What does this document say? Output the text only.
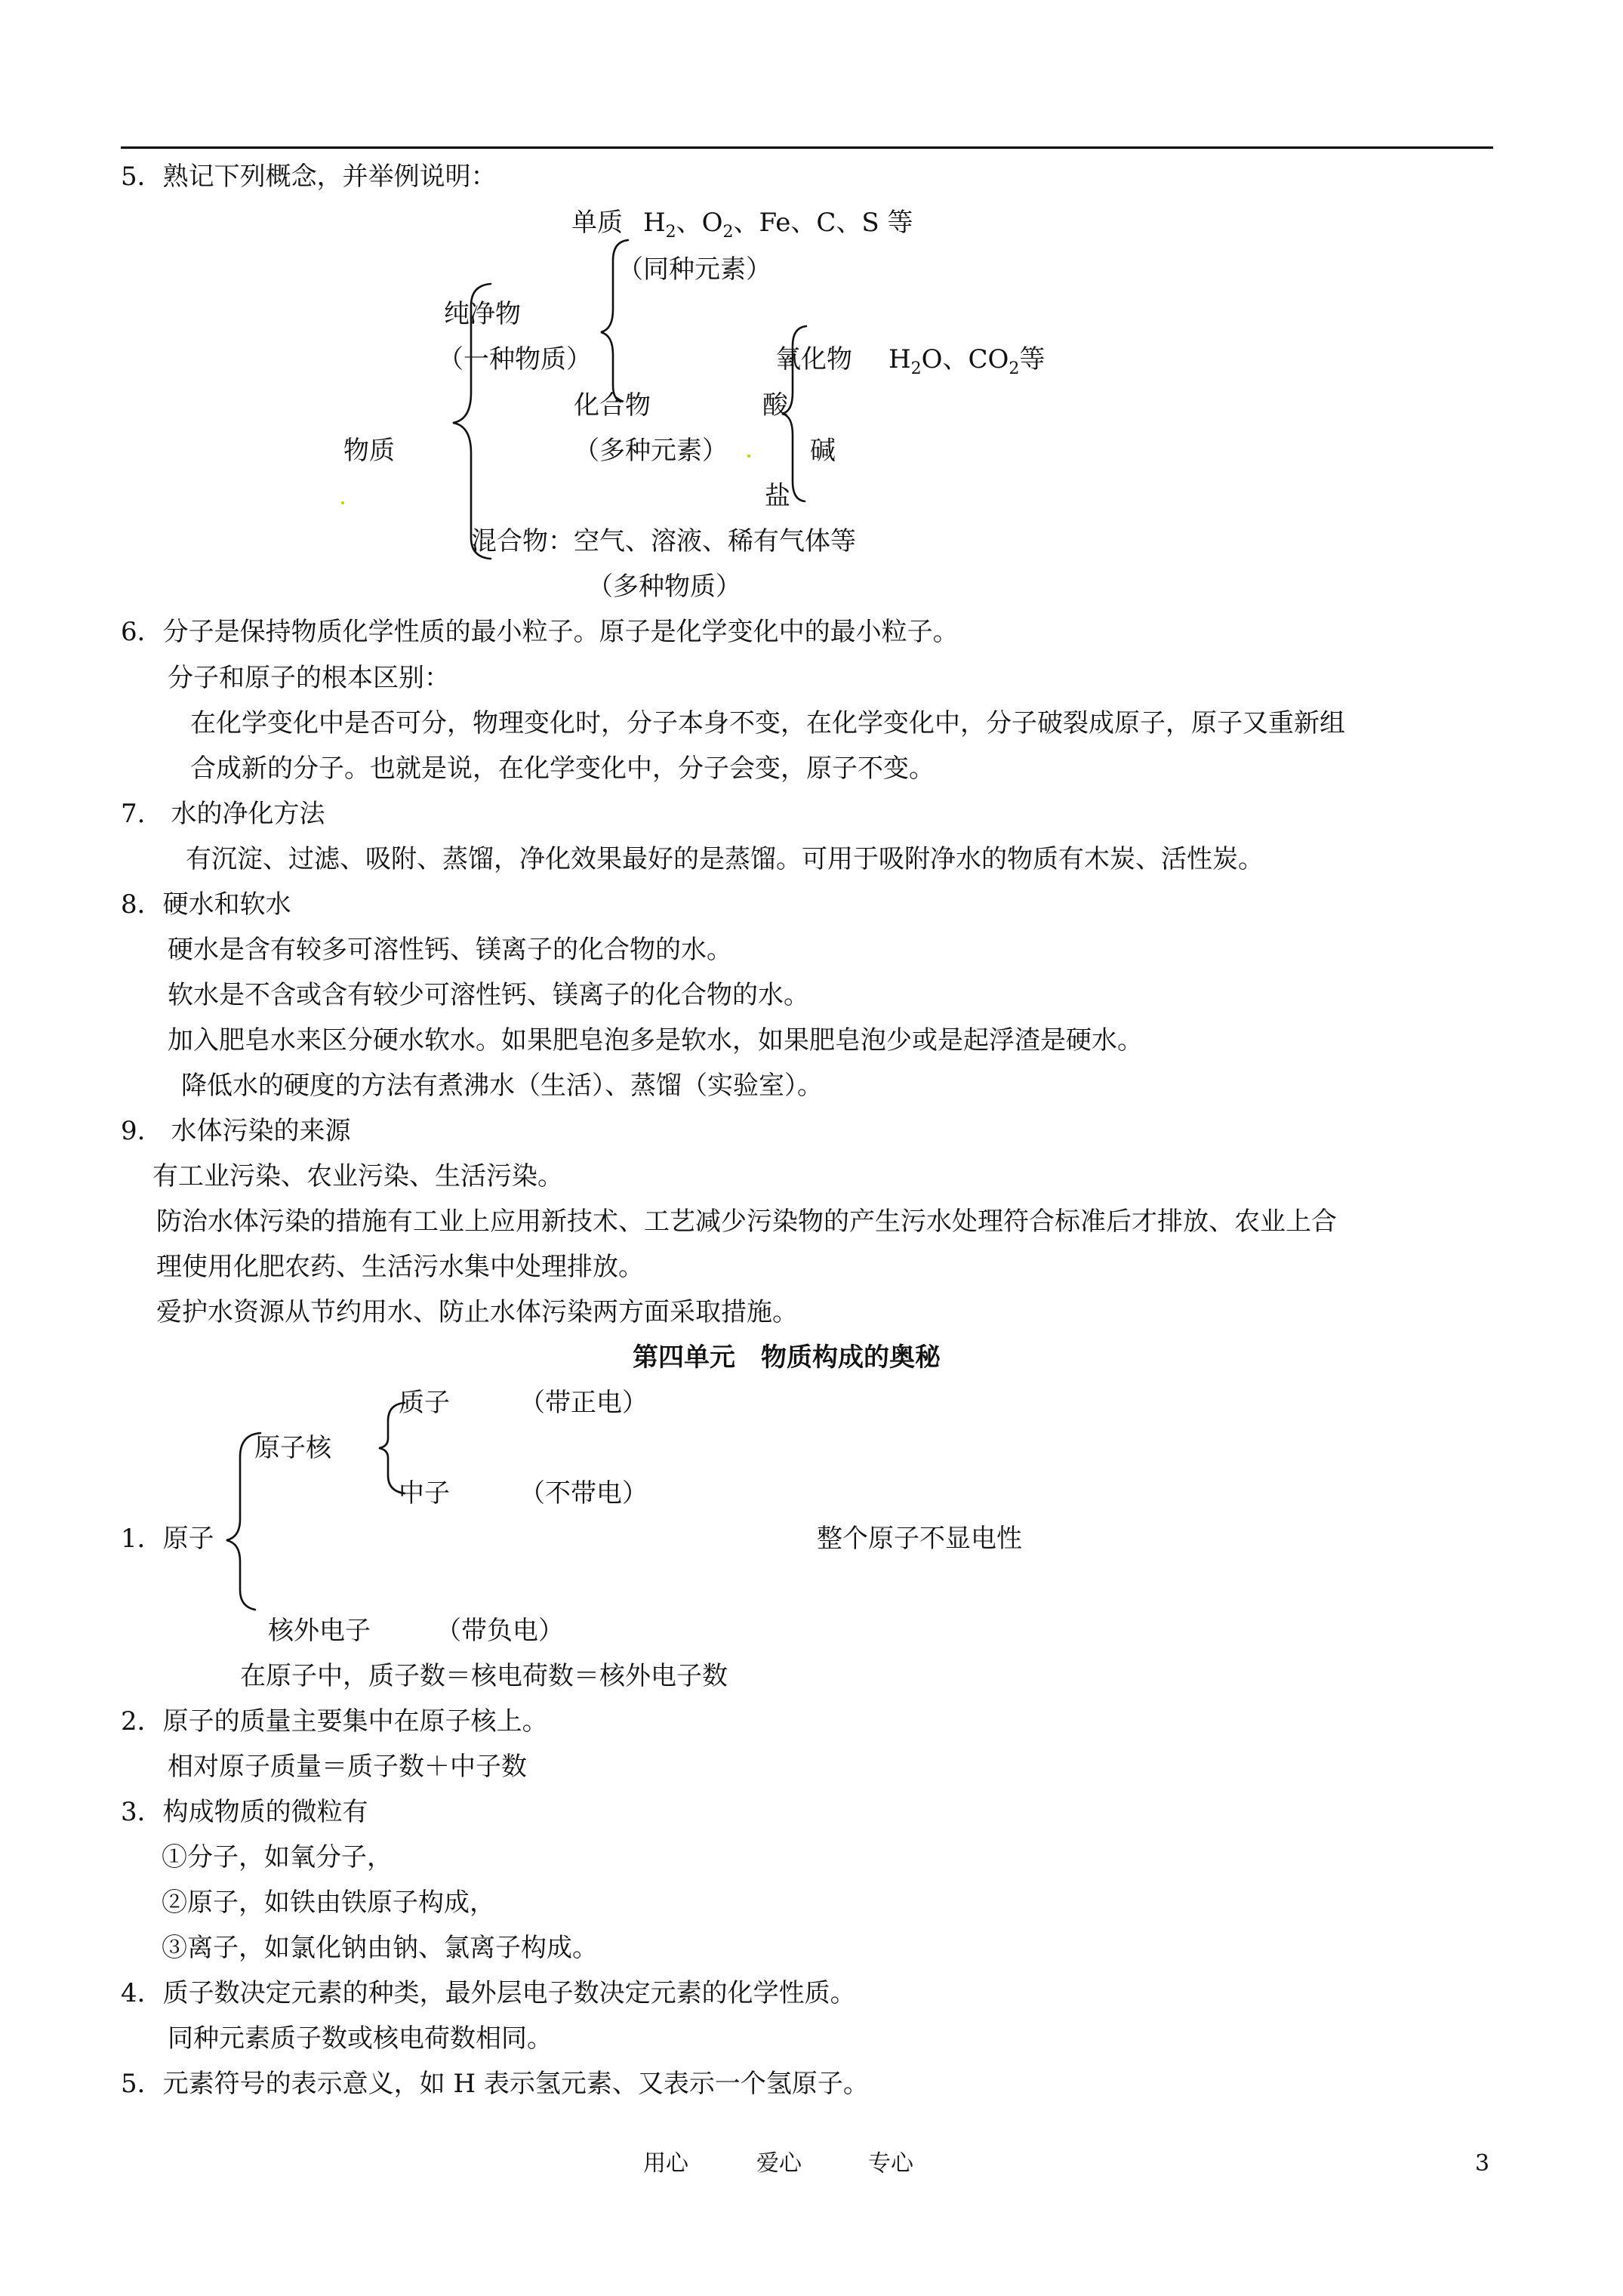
5．熟记下列概念，并举例说明：
单质 $H_2$、$O_2$、Fe、C、S 等
（同种元素）
纯净物
（一种物质）	氧化物 $H_2O$、$CO_2$等
化合物	酸
（多种元素）	碱
物质
盐
混合物：空气、溶液、稀有气体等
（多种物质）
6．分子是保持物质化学性质的最小粒子。原子是化学变化中的最小粒子。
分子和原子的根本区别：
在化学变化中是否可分，物理变化时，分子本身不变，在化学变化中，分子破裂成原子，原子又重新组
合成新的分子。也就是说，在化学变化中，分子会变，原子不变。
7.　水的净化方法
有沉淀、过滤、吸附、蒸馏，净化效果最好的是蒸馏。可用于吸附净水的物质有木炭、活性炭。
8．硬水和软水
硬水是含有较多可溶性钙、镁离子的化合物的水。
软水是不含或含有较少可溶性钙、镁离子的化合物的水。
加入肥皂水来区分硬水软水。如果肥皂泡多是软水，如果肥皂泡少或是起浮渣是硬水。
降低水的硬度的方法有煮沸水（生活）、蒸馏（实验室）。
9.　水体污染的来源
有工业污染、农业污染、生活污染。
防治水体污染的措施有工业上应用新技术、工艺减少污染物的产生污水处理符合标准后才排放、农业上合
理使用化肥农药、生活污水集中处理排放。
爱护水资源从节约用水、防止水体污染两方面采取措施。
第四单元　物质构成的奥秘
质子	（带正电）
原子核
中子	（不带电）
1．原子	整个原子不显电性
核外电子	（带负电）
在原子中，质子数＝核电荷数＝核外电子数
2．原子的质量主要集中在原子核上。
相对原子质量＝质子数＋中子数
3．构成物质的微粒有
①分子，如氧分子，
②原子，如铁由铁原子构成，
③离子，如氯化钠由钠、氯离子构成。
4．质子数决定元素的种类，最外层电子数决定元素的化学性质。
同种元素质子数或核电荷数相同。
5．元素符号的表示意义，如 H 表示氢元素、又表示一个氢原子。
用心	爱心	专心	3
